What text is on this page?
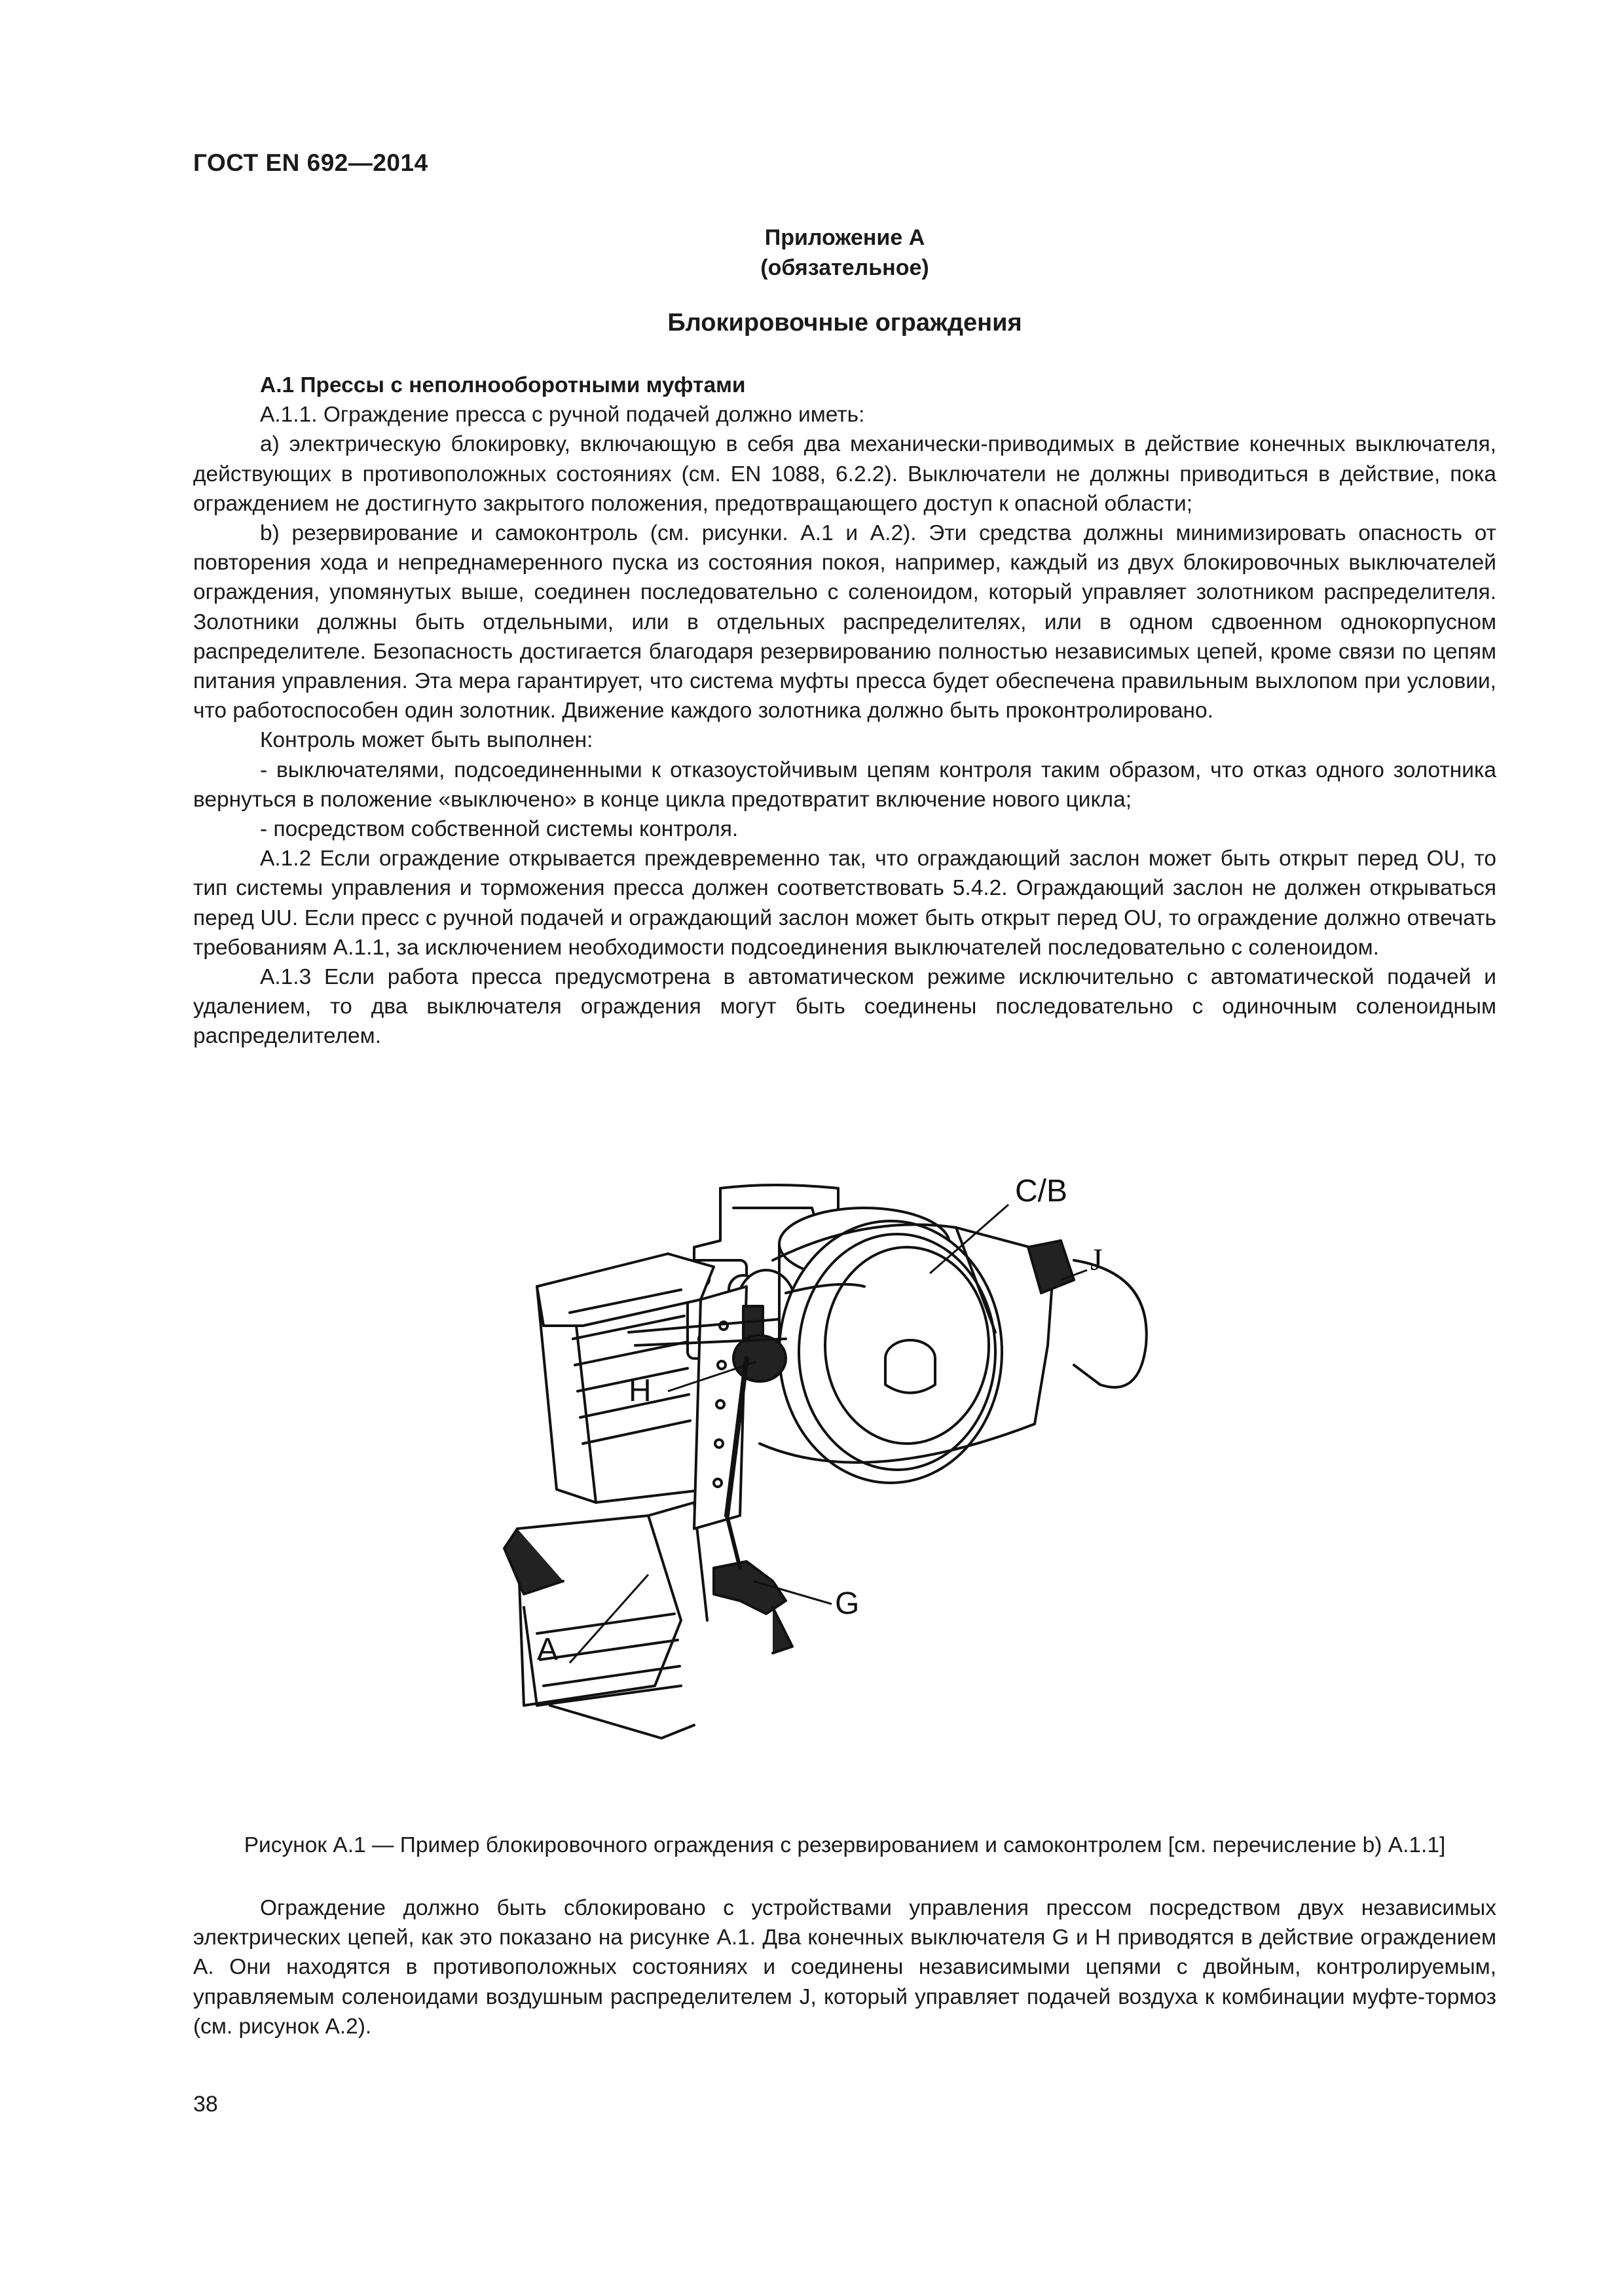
ГОСТ EN 692—2014
Приложение А
(обязательное)
Блокировочные ограждения

А.1 Прессы с неполнооборотными муфтами

А.1.1. Ограждение пресса с ручной подачей должно иметь:

а) электрическую блокировку, включающую в себя два механически-приводимых в действие конечных выключателя, действующих в противоположных состояниях (см. EN 1088, 6.2.2). Выключатели не должны приводиться в действие, пока ограждением не достигнуто закрытого положения, предотвращающего доступ к опасной области;

b) резервирование и самоконтроль (см. рисунки. А.1 и А.2). Эти средства должны минимизировать опасность от повторения хода и непреднамеренного пуска из состояния покоя, например, каждый из двух блокировочных выключателей ограждения, упомянутых выше, соединен последовательно с соленоидом, который управляет золотником распределителя. Золотники должны быть отдельными, или в отдельных распределителях, или в одном сдвоенном однокорпусном распределителе. Безопасность достигается благодаря резервированию полностью независимых цепей, кроме связи по цепям питания управления. Эта мера гарантирует, что система муфты пресса будет обеспечена правильным выхлопом при условии, что работоспособен один золотник. Движение каждого золотника должно быть проконтролировано.

Контроль может быть выполнен:

- выключателями, подсоединенными к отказоустойчивым цепям контроля таким образом, что отказ одного золотника вернуться в положение «выключено» в конце цикла предотвратит включение нового цикла;

- посредством собственной системы контроля.

А.1.2 Если ограждение открывается преждевременно так, что ограждающий заслон может быть открыт перед OU, то тип системы управления и торможения пресса должен соответствовать 5.4.2. Ограждающий заслон не должен открываться перед UU. Если пресс с ручной подачей и ограждающий заслон может быть открыт перед OU, то ограждение должно отвечать требованиям А.1.1, за исключением необходимости подсоединения выключателей последовательно с соленоидом.

А.1.3 Если работа пресса предусмотрена в автоматическом режиме исключительно с автоматической подачей и удалением, то два выключателя ограждения могут быть соединены последовательно с одиночным соленоидным распределителем.

C/B
J
H
G
A
Рисунок А.1 — Пример блокировочного ограждения с резервированием и самоконтролем [см. перечисление b) А.1.1]

Ограждение должно быть сблокировано с устройствами управления прессом посредством двух независимых электрических цепей, как это показано на рисунке А.1. Два конечных выключателя G и H приводятся в действие ограждением А. Они находятся в противоположных состояниях и соединены независимыми цепями с двойным, контролируемым, управляемым соленоидами воздушным распределителем J, который управляет подачей воздуха к комбинации муфте-тормоз (см. рисунок А.2).

38
